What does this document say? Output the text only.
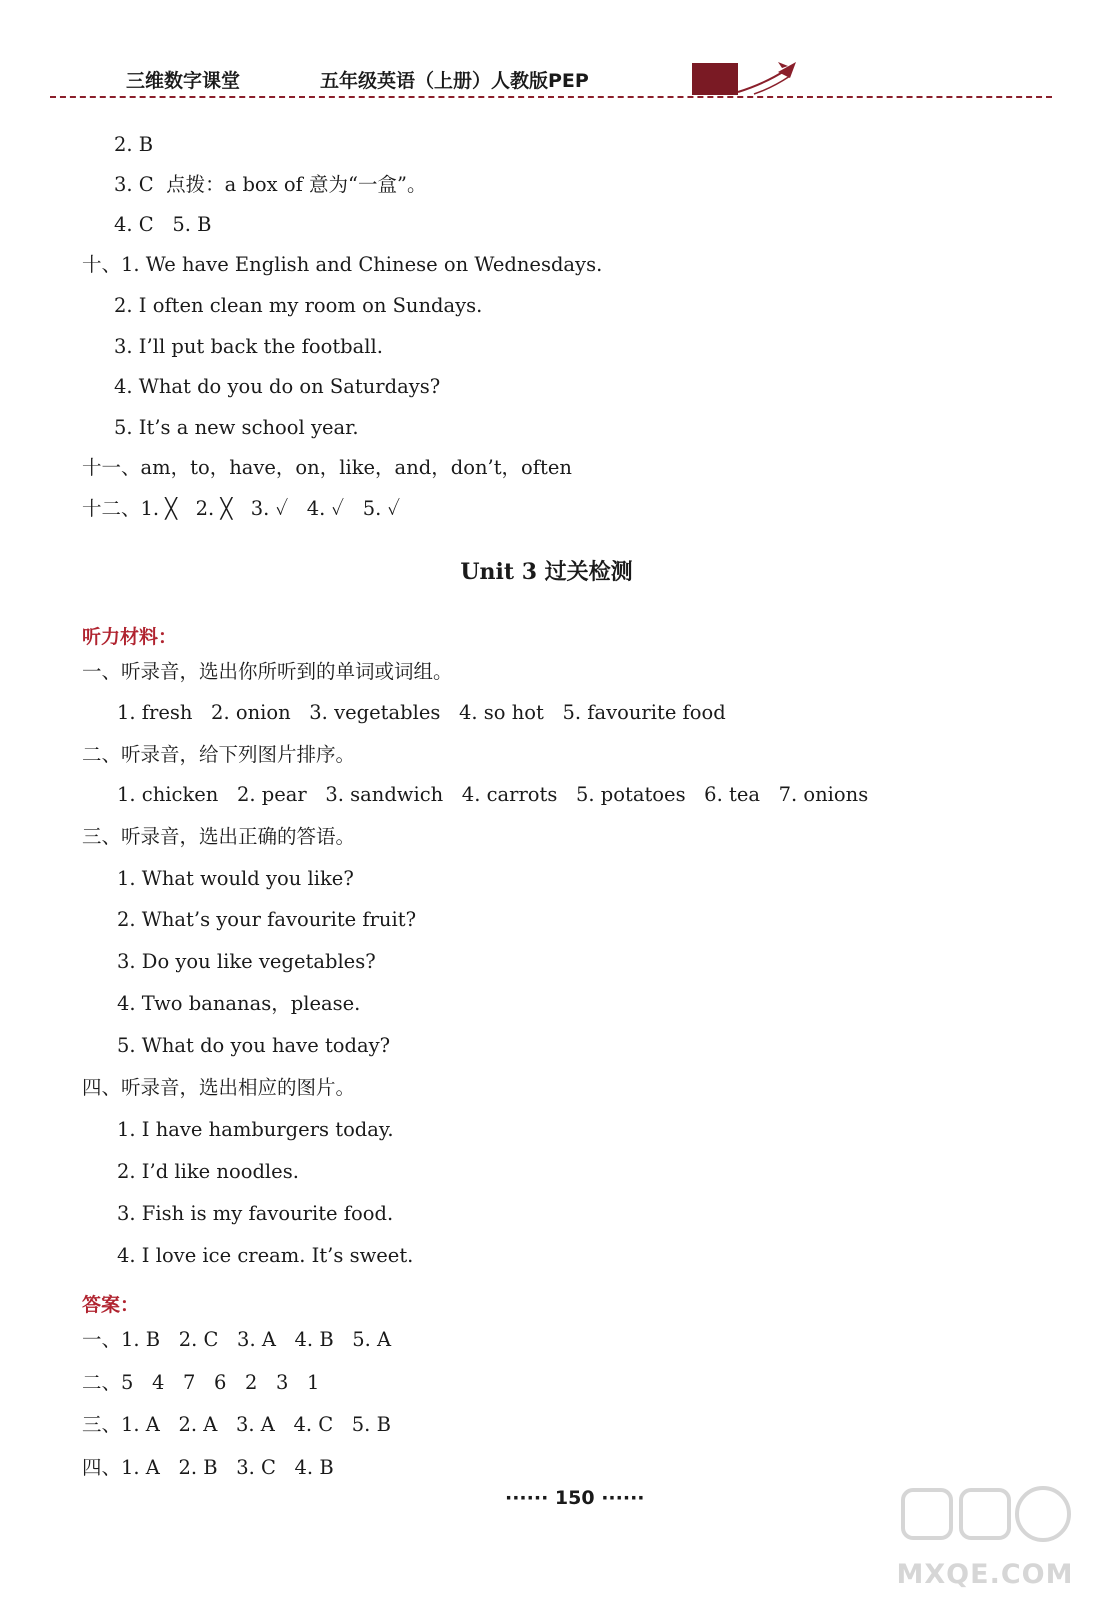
三维数字课堂	五年级英语（上册）人教版PEP
2. B
3. C  点拨：a box of 意为“一盒”。
4. C   5. B
十、1. We have English and Chinese on Wednesdays.
2. I often clean my room on Sundays.
3. I’ll put back the football.
4. What do you do on Saturdays?
5. It’s a new school year.
十一、am，to，have，on，like，and，don’t，often
十二、1. ╳   2. ╳   3. ✓   4. ✓   5. ✓
Unit 3 过关检测
听力材料：
一、听录音，选出你所听到的单词或词组。
1. fresh   2. onion   3. vegetables   4. so hot   5. favourite food
二、听录音，给下列图片排序。
1. chicken   2. pear   3. sandwich   4. carrots   5. potatoes   6. tea   7. onions
三、听录音，选出正确的答语。
1. What would you like?
2. What’s your favourite fruit?
3. Do you like vegetables?
4. Two bananas，please.
5. What do you have today?
四、听录音，选出相应的图片。
1. I have hamburgers today.
2. I’d like noodles.
3. Fish is my favourite food.
4. I love ice cream. It’s sweet.
答案：
一、1. B   2. C   3. A   4. B   5. A
二、5   4   7   6   2   3   1
三、1. A   2. A   3. A   4. C   5. B
四、1. A   2. B   3. C   4. B
······ 150 ······
MXQE.COM
